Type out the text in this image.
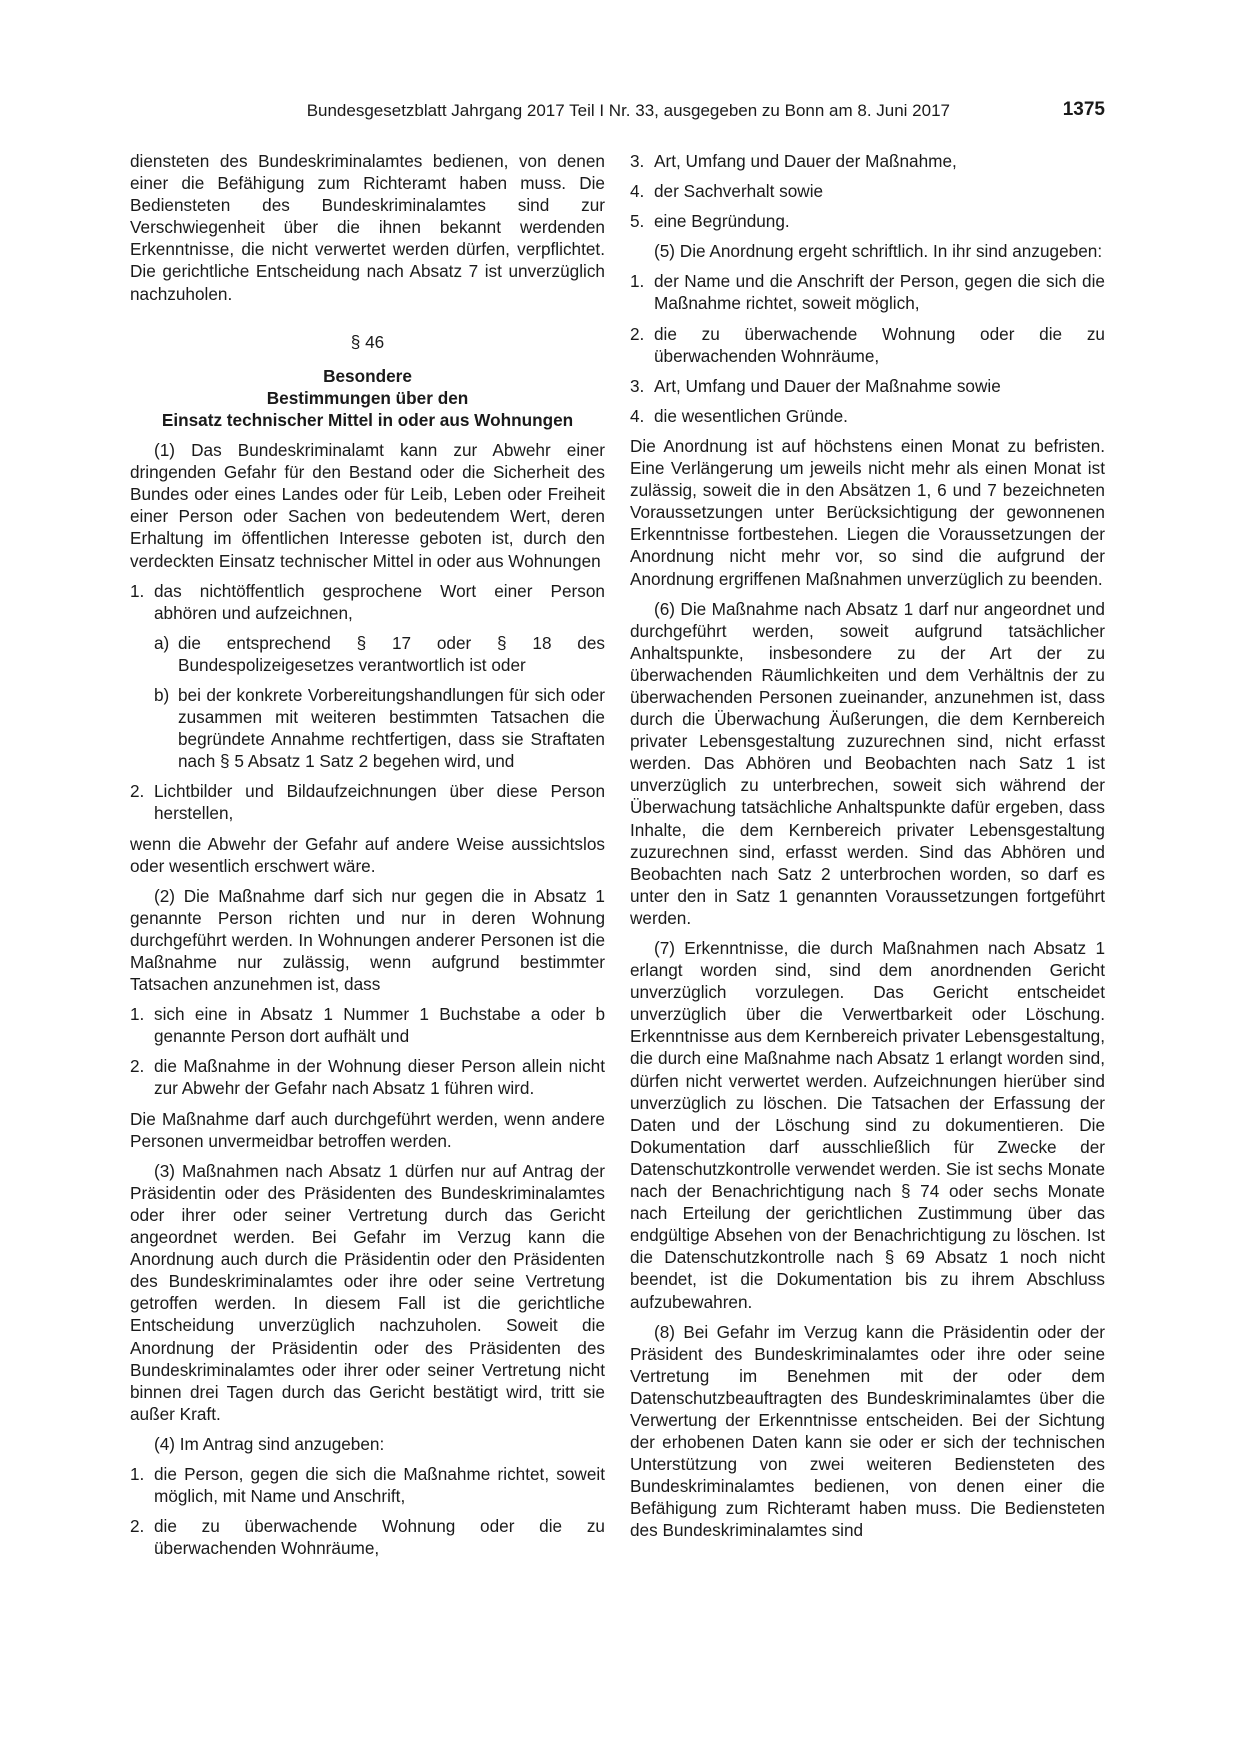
Bundesgesetzblatt Jahrgang 2017 Teil I Nr. 33, ausgegeben zu Bonn am 8. Juni 2017	1375

diensteten des Bundeskriminalamtes bedienen, von denen einer die Befähigung zum Richteramt haben muss. Die Bediensteten des Bundeskriminalamtes sind zur Verschwiegenheit über die ihnen bekannt werdenden Erkenntnisse, die nicht verwertet werden dürfen, verpflichtet. Die gerichtliche Entscheidung nach Absatz 7 ist unverzüglich nachzuholen.

§ 46
Besondere
Bestimmungen über den
Einsatz technischer Mittel in oder aus Wohnungen

(1) Das Bundeskriminalamt kann zur Abwehr einer dringenden Gefahr für den Bestand oder die Sicherheit des Bundes oder eines Landes oder für Leib, Leben oder Freiheit einer Person oder Sachen von bedeutendem Wert, deren Erhaltung im öffentlichen Interesse geboten ist, durch den verdeckten Einsatz technischer Mittel in oder aus Wohnungen

1. das nichtöffentlich gesprochene Wort einer Person abhören und aufzeichnen,
a) die entsprechend § 17 oder § 18 des Bundespolizeigesetzes verantwortlich ist oder
b) bei der konkrete Vorbereitungshandlungen für sich oder zusammen mit weiteren bestimmten Tatsachen die begründete Annahme rechtfertigen, dass sie Straftaten nach § 5 Absatz 1 Satz 2 begehen wird, und
2. Lichtbilder und Bildaufzeichnungen über diese Person herstellen,

wenn die Abwehr der Gefahr auf andere Weise aussichtslos oder wesentlich erschwert wäre.

(2) Die Maßnahme darf sich nur gegen die in Absatz 1 genannte Person richten und nur in deren Wohnung durchgeführt werden. In Wohnungen anderer Personen ist die Maßnahme nur zulässig, wenn aufgrund bestimmter Tatsachen anzunehmen ist, dass

1. sich eine in Absatz 1 Nummer 1 Buchstabe a oder b genannte Person dort aufhält und
2. die Maßnahme in der Wohnung dieser Person allein nicht zur Abwehr der Gefahr nach Absatz 1 führen wird.

Die Maßnahme darf auch durchgeführt werden, wenn andere Personen unvermeidbar betroffen werden.

(3) Maßnahmen nach Absatz 1 dürfen nur auf Antrag der Präsidentin oder des Präsidenten des Bundeskriminalamtes oder ihrer oder seiner Vertretung durch das Gericht angeordnet werden. Bei Gefahr im Verzug kann die Anordnung auch durch die Präsidentin oder den Präsidenten des Bundeskriminalamtes oder ihre oder seine Vertretung getroffen werden. In diesem Fall ist die gerichtliche Entscheidung unverzüglich nachzuholen. Soweit die Anordnung der Präsidentin oder des Präsidenten des Bundeskriminalamtes oder ihrer oder seiner Vertretung nicht binnen drei Tagen durch das Gericht bestätigt wird, tritt sie außer Kraft.

(4) Im Antrag sind anzugeben:

1. die Person, gegen die sich die Maßnahme richtet, soweit möglich, mit Name und Anschrift,
2. die zu überwachende Wohnung oder die zu überwachenden Wohnräume,
3. Art, Umfang und Dauer der Maßnahme,
4. der Sachverhalt sowie
5. eine Begründung.

(5) Die Anordnung ergeht schriftlich. In ihr sind anzugeben:

1. der Name und die Anschrift der Person, gegen die sich die Maßnahme richtet, soweit möglich,
2. die zu überwachende Wohnung oder die zu überwachenden Wohnräume,
3. Art, Umfang und Dauer der Maßnahme sowie
4. die wesentlichen Gründe.

Die Anordnung ist auf höchstens einen Monat zu befristen. Eine Verlängerung um jeweils nicht mehr als einen Monat ist zulässig, soweit die in den Absätzen 1, 6 und 7 bezeichneten Voraussetzungen unter Berücksichtigung der gewonnenen Erkenntnisse fortbestehen. Liegen die Voraussetzungen der Anordnung nicht mehr vor, so sind die aufgrund der Anordnung ergriffenen Maßnahmen unverzüglich zu beenden.

(6) Die Maßnahme nach Absatz 1 darf nur angeordnet und durchgeführt werden, soweit aufgrund tatsächlicher Anhaltspunkte, insbesondere zu der Art der zu überwachenden Räumlichkeiten und dem Verhältnis der zu überwachenden Personen zueinander, anzunehmen ist, dass durch die Überwachung Äußerungen, die dem Kernbereich privater Lebensgestaltung zuzurechnen sind, nicht erfasst werden. Das Abhören und Beobachten nach Satz 1 ist unverzüglich zu unterbrechen, soweit sich während der Überwachung tatsächliche Anhaltspunkte dafür ergeben, dass Inhalte, die dem Kernbereich privater Lebensgestaltung zuzurechnen sind, erfasst werden. Sind das Abhören und Beobachten nach Satz 2 unterbrochen worden, so darf es unter den in Satz 1 genannten Voraussetzungen fortgeführt werden.

(7) Erkenntnisse, die durch Maßnahmen nach Absatz 1 erlangt worden sind, sind dem anordnenden Gericht unverzüglich vorzulegen. Das Gericht entscheidet unverzüglich über die Verwertbarkeit oder Löschung. Erkenntnisse aus dem Kernbereich privater Lebensgestaltung, die durch eine Maßnahme nach Absatz 1 erlangt worden sind, dürfen nicht verwertet werden. Aufzeichnungen hierüber sind unverzüglich zu löschen. Die Tatsachen der Erfassung der Daten und der Löschung sind zu dokumentieren. Die Dokumentation darf ausschließlich für Zwecke der Datenschutzkontrolle verwendet werden. Sie ist sechs Monate nach der Benachrichtigung nach § 74 oder sechs Monate nach Erteilung der gerichtlichen Zustimmung über das endgültige Absehen von der Benachrichtigung zu löschen. Ist die Datenschutzkontrolle nach § 69 Absatz 1 noch nicht beendet, ist die Dokumentation bis zu ihrem Abschluss aufzubewahren.

(8) Bei Gefahr im Verzug kann die Präsidentin oder der Präsident des Bundeskriminalamtes oder ihre oder seine Vertretung im Benehmen mit der oder dem Datenschutzbeauftragten des Bundeskriminalamtes über die Verwertung der Erkenntnisse entscheiden. Bei der Sichtung der erhobenen Daten kann sie oder er sich der technischen Unterstützung von zwei weiteren Bediensteten des Bundeskriminalamtes bedienen, von denen einer die Befähigung zum Richteramt haben muss. Die Bediensteten des Bundeskriminalamtes sind
